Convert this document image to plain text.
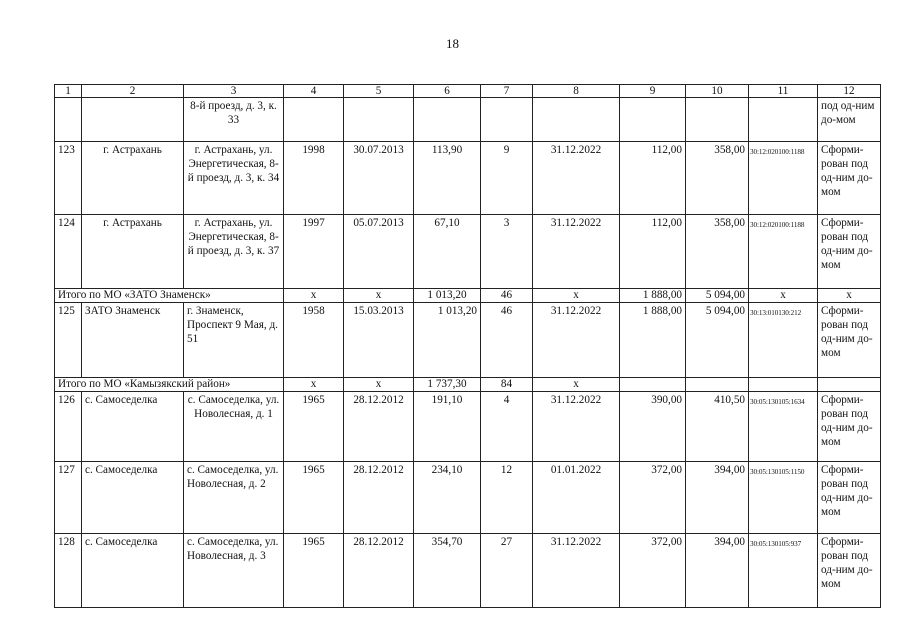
18
1	2	3	4	5	6	7	8	9	10	11	12
		8-й проезд, д. 3, к. 33									под од-ним до-мом
123	г. Астрахань	г. Астрахань, ул. Энергетическая, 8-й проезд, д. 3, к. 34	1998	30.07.2013	113,90	9	31.12.2022	112,00	358,00	30:12:020100:1188	Сформи-рован под од-ним до-мом
124	г. Астрахань	г. Астрахань, ул. Энергетическая, 8-й проезд, д. 3, к. 37	1997	05.07.2013	67,10	3	31.12.2022	112,00	358,00	30:12:020100:1188	Сформи-рован под од-ним до-мом
Итого по МО «ЗАТО Знаменск»			x	x	1 013,20	46	x	1 888,00	5 094,00	x	x
125	ЗАТО Знаменск	г. Знаменск, Проспект 9 Мая, д. 51	1958	15.03.2013	1 013,20	46	31.12.2022	1 888,00	5 094,00	30:13:010130:212	Сформи-рован под од-ним до-мом
Итого по МО «Камызякский район»			x	x	1 737,30	84	x				
126	с. Самоседелка	с. Самоседелка, ул. Новолесная, д. 1	1965	28.12.2012	191,10	4	31.12.2022	390,00	410,50	30:05:130105:1634	Сформи-рован под од-ним до-мом
127	с. Самоседелка	с. Самоседелка, ул. Новолесная, д. 2	1965	28.12.2012	234,10	12	01.01.2022	372,00	394,00	30:05:130105:1150	Сформи-рован под од-ним до-мом
128	с. Самоседелка	с. Самоседелка, ул. Новолесная, д. 3	1965	28.12.2012	354,70	27	31.12.2022	372,00	394,00	30:05:130105:937	Сформи-рован под од-ним до-мом
